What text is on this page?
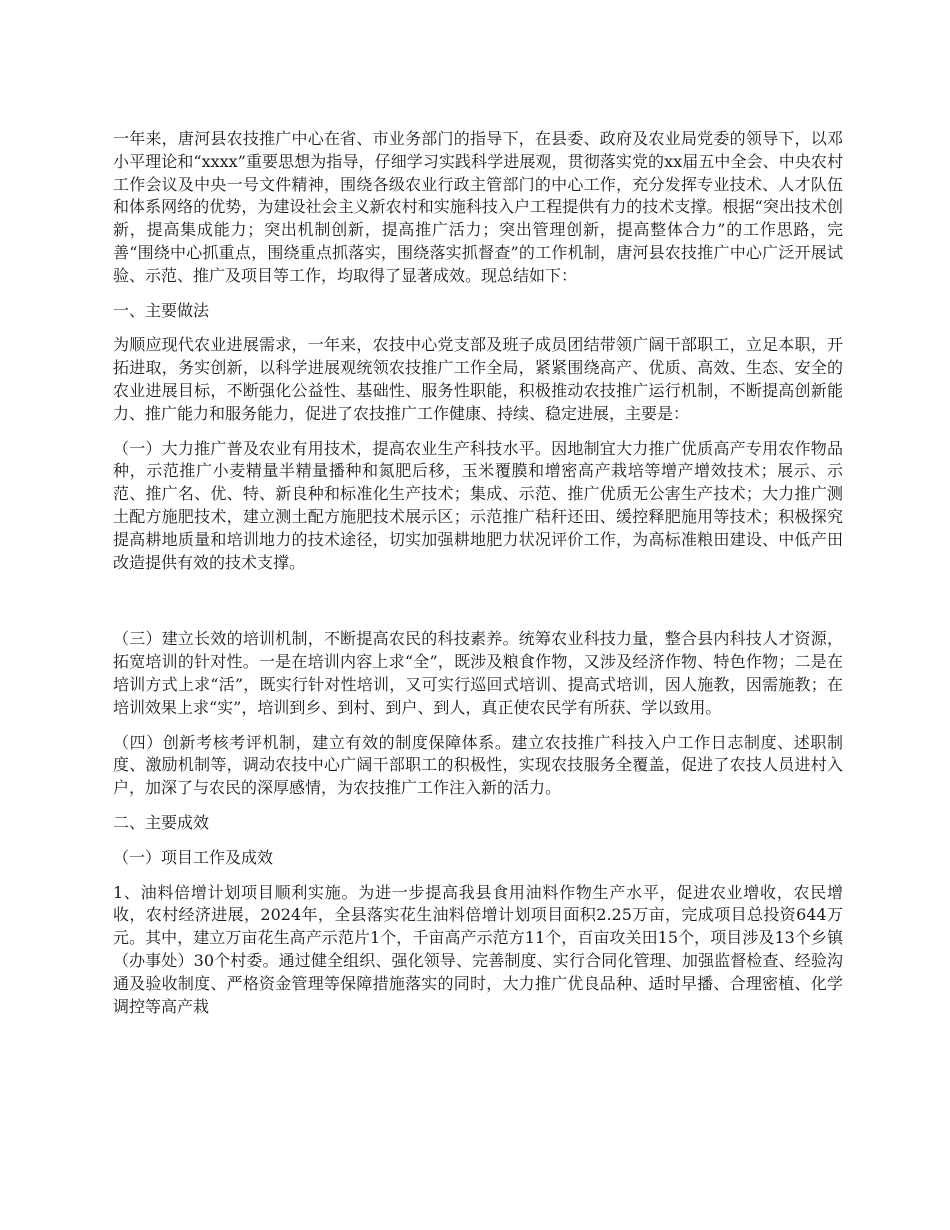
一年来，唐河县农技推广中心在省、市业务部门的指导下，在县委、政府及农业局党委的领导下，以邓小平理论和“xxxx”重要思想为指导，仔细学习实践科学进展观，贯彻落实党的xx届五中全会、中央农村工作会议及中央一号文件精神，围绕各级农业行政主管部门的中心工作，充分发挥专业技术、人才队伍和体系网络的优势，为建设社会主义新农村和实施科技入户工程提供有力的技术支撑。根据“突出技术创新，提高集成能力；突出机制创新，提高推广活力；突出管理创新，提高整体合力”的工作思路，完善“围绕中心抓重点，围绕重点抓落实，围绕落实抓督查”的工作机制，唐河县农技推广中心广泛开展试验、示范、推广及项目等工作，均取得了显著成效。现总结如下：

一、主要做法

为顺应现代农业进展需求，一年来，农技中心党支部及班子成员团结带领广阔干部职工，立足本职，开拓进取，务实创新，以科学进展观统领农技推广工作全局，紧紧围绕高产、优质、高效、生态、安全的农业进展目标，不断强化公益性、基础性、服务性职能，积极推动农技推广运行机制，不断提高创新能力、推广能力和服务能力，促进了农技推广工作健康、持续、稳定进展，主要是：

（一）大力推广普及农业有用技术，提高农业生产科技水平。因地制宜大力推广优质高产专用农作物品种，示范推广小麦精量半精量播种和氮肥后移，玉米覆膜和增密高产栽培等增产增效技术；展示、示范、推广名、优、特、新良种和标准化生产技术；集成、示范、推广优质无公害生产技术；大力推广测土配方施肥技术，建立测土配方施肥技术展示区；示范推广秸秆还田、缓控释肥施用等技术；积极探究提高耕地质量和培训地力的技术途径，切实加强耕地肥力状况评价工作，为高标准粮田建设、中低产田改造提供有效的技术支撑。

（三）建立长效的培训机制，不断提高农民的科技素养。统筹农业科技力量，整合县内科技人才资源，拓宽培训的针对性。一是在培训内容上求“全”，既涉及粮食作物，又涉及经济作物、特色作物；二是在培训方式上求“活”，既实行针对性培训，又可实行巡回式培训、提高式培训，因人施教，因需施教；在培训效果上求“实”，培训到乡、到村、到户、到人，真正使农民学有所获、学以致用。

（四）创新考核考评机制，建立有效的制度保障体系。建立农技推广科技入户工作日志制度、述职制度、激励机制等，调动农技中心广阔干部职工的积极性，实现农技服务全覆盖，促进了农技人员进村入户，加深了与农民的深厚感情，为农技推广工作注入新的活力。

二、主要成效

（一）项目工作及成效

1、油料倍增计划项目顺利实施。为进一步提高我县食用油料作物生产水平，促进农业增收，农民增收，农村经济进展，2024年，全县落实花生油料倍增计划项目面积2.25万亩，完成项目总投资644万元。其中，建立万亩花生高产示范片1个，千亩高产示范方11个，百亩攻关田15个，项目涉及13个乡镇（办事处）30个村委。通过健全组织、强化领导、完善制度、实行合同化管理、加强监督检查、经验沟通及验收制度、严格资金管理等保障措施落实的同时，大力推广优良品种、适时早播、合理密植、化学调控等高产栽
